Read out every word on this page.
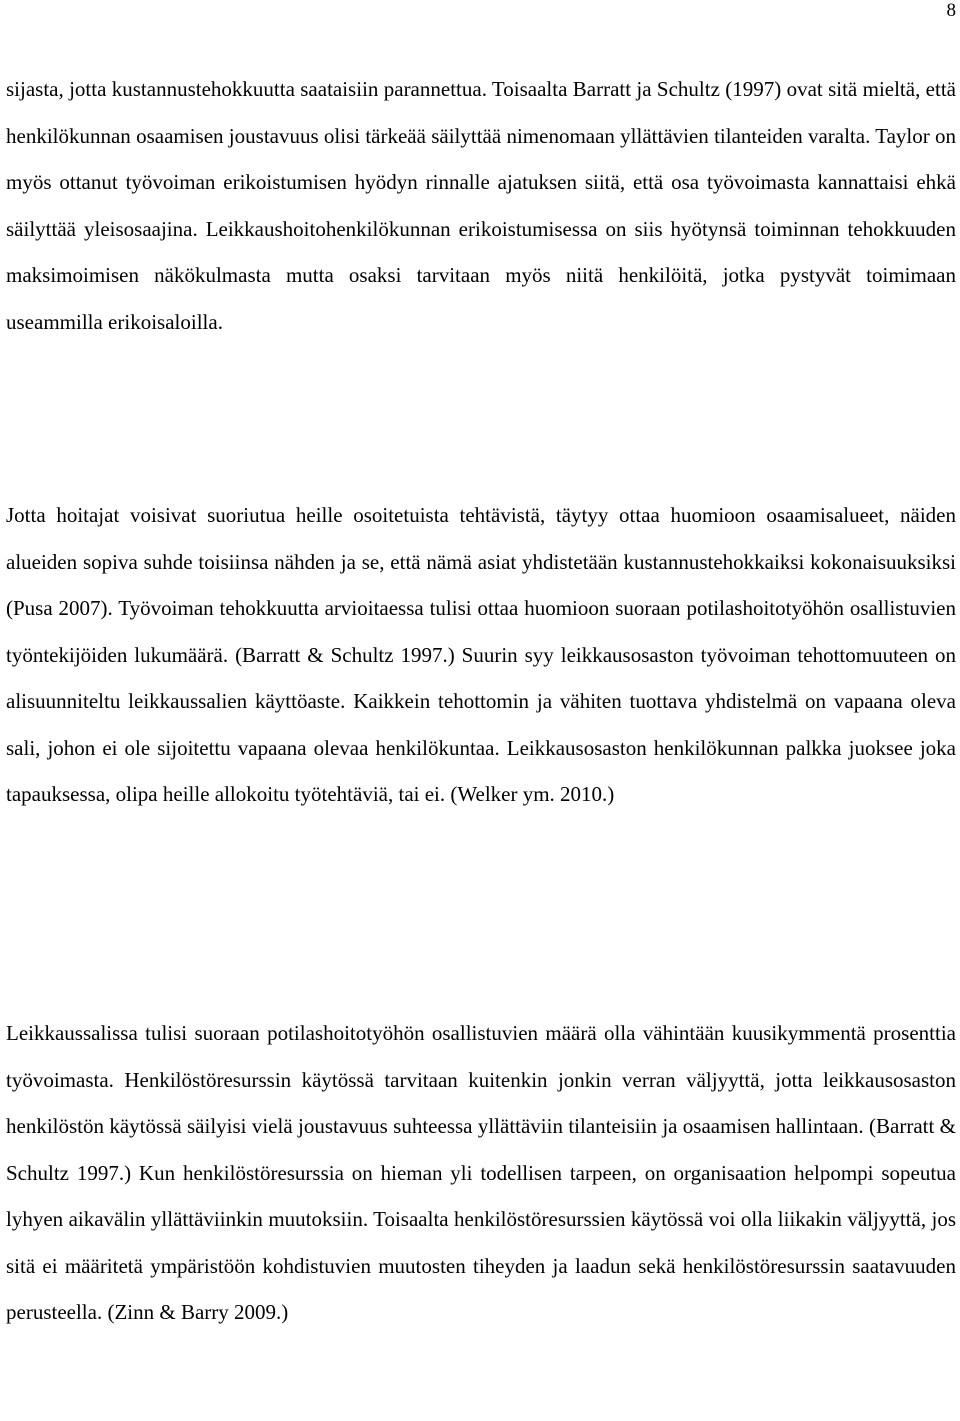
8

sijasta, jotta kustannustehokkuutta saataisiin parannettua. Toisaalta Barratt ja Schultz (1997) ovat sitä mieltä, että henkilökunnan osaamisen joustavuus olisi tärkeää säilyttää nimenomaan yllättävien tilanteiden varalta. Taylor on myös ottanut työvoiman erikoistumisen hyödyn rinnalle ajatuksen siitä, että osa työvoimasta kannattaisi ehkä säilyttää yleisosaajina. Leikkaushoitohenkilökunnan erikoistumisessa on siis hyötynsä toiminnan tehokkuuden maksimoimisen näkökulmasta mutta osaksi tarvitaan myös niitä henkilöitä, jotka pystyvät toimimaan useammilla erikoisaloilla.

Jotta hoitajat voisivat suoriutua heille osoitetuista tehtävistä, täytyy ottaa huomioon osaamisalueet, näiden alueiden sopiva suhde toisiinsa nähden ja se, että nämä asiat yhdistetään kustannustehokkaiksi kokonaisuuksiksi (Pusa 2007). Työvoiman tehokkuutta arvioitaessa tulisi ottaa huomioon suoraan potilashoitotyöhön osallistuvien työntekijöiden lukumäärä. (Barratt & Schultz 1997.) Suurin syy leikkausosaston työvoiman tehottomuuteen on alisuunniteltu leikkaussalien käyttöaste. Kaikkein tehottomin ja vähiten tuottava yhdistelmä on vapaana oleva sali, johon ei ole sijoitettu vapaana olevaa henkilökuntaa. Leikkausosaston henkilökunnan palkka juoksee joka tapauksessa, olipa heille allokoitu työtehtäviä, tai ei. (Welker ym. 2010.)

Leikkaussalissa tulisi suoraan potilashoitotyöhön osallistuvien määrä olla vähintään kuusikymmentä prosenttia työvoimasta. Henkilöstöresurssin käytössä tarvitaan kuitenkin jonkin verran väljyyttä, jotta leikkausosaston henkilöstön käytössä säilyisi vielä joustavuus suhteessa yllättäviin tilanteisiin ja osaamisen hallintaan. (Barratt & Schultz 1997.) Kun henkilöstöresurssia on hieman yli todellisen tarpeen, on organisaation helpompi sopeutua lyhyen aikavälin yllättäviinkin muutoksiin. Toisaalta henkilöstöresurssien käytössä voi olla liikakin väljyyttä, jos sitä ei määritetä ympäristöön kohdistuvien muutosten tiheyden ja laadun sekä henkilöstöresurssin saatavuuden perusteella. (Zinn & Barry 2009.)
